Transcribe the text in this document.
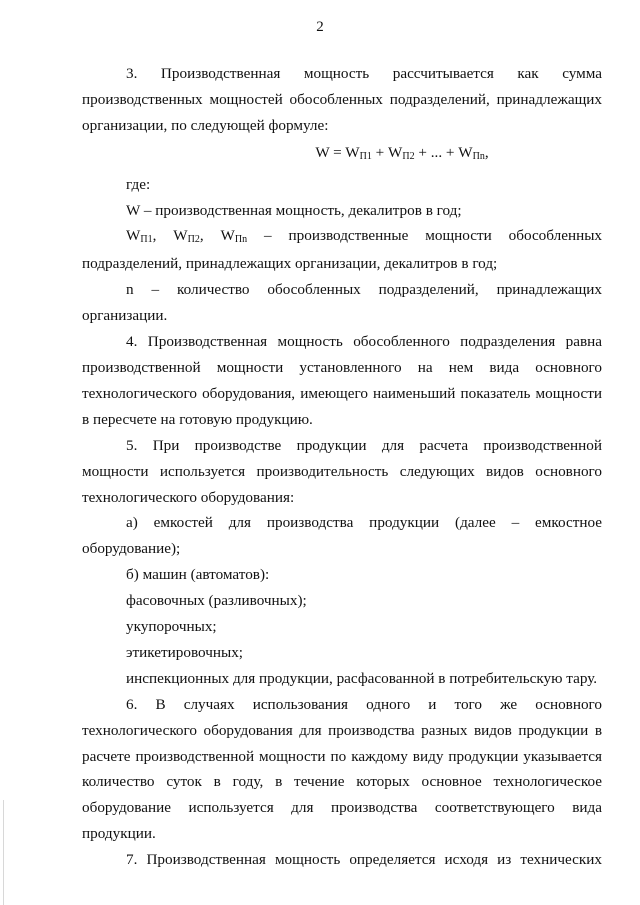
2

3. Производственная мощность рассчитывается как сумма производственных мощностей обособленных подразделений, принадлежащих организации, по следующей формуле:

$W = W_{П1} + W_{П2}$ + ... + $W_{Пn}$,

где:

W – производственная мощность, декалитров в год;

$W_{П1}$, $W_{П2}$, $W_{Пn}$ – производственные мощности обособленных подразделений, принадлежащих организации, декалитров в год;

n – количество обособленных подразделений, принадлежащих организации.

4. Производственная мощность обособленного подразделения равна производственной мощности установленного на нем вида основного технологического оборудования, имеющего наименьший показатель мощности в пересчете на готовую продукцию.

5. При производстве продукции для расчета производственной мощности используется производительность следующих видов основного технологического оборудования:

а) емкостей для производства продукции (далее – емкостное оборудование);

б) машин (автоматов):

фасовочных (разливочных);

укупорочных;

этикетировочных;

инспекционных для продукции, расфасованной в потребительскую тару.

6. В случаях использования одного и того же основного технологического оборудования для производства разных видов продукции в расчете производственной мощности по каждому виду продукции указывается количество суток в году, в течение которых основное технологическое оборудование используется для производства соответствующего вида продукции.

7. Производственная мощность определяется исходя из технических
